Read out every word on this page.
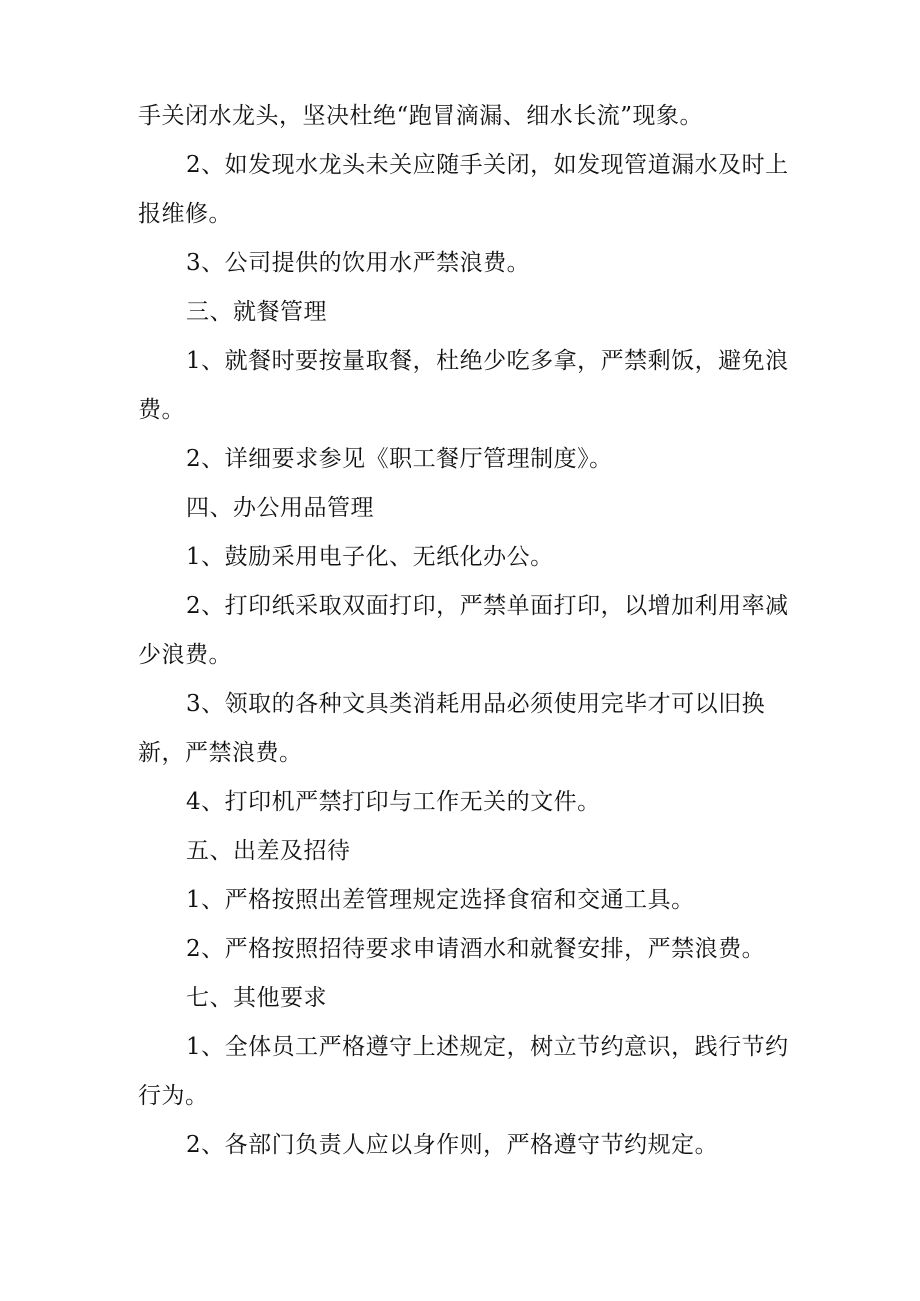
手关闭水龙头，坚决杜绝“跑冒滴漏、细水长流”现象。

2、如发现水龙头未关应随手关闭，如发现管道漏水及时上报维修。

3、公司提供的饮用水严禁浪费。

三、就餐管理

1、就餐时要按量取餐，杜绝少吃多拿，严禁剩饭，避免浪费。

2、详细要求参见《职工餐厅管理制度》。

四、办公用品管理

1、鼓励采用电子化、无纸化办公。

2、打印纸采取双面打印，严禁单面打印，以增加利用率减少浪费。

3、领取的各种文具类消耗用品必须使用完毕才可以旧换新，严禁浪费。

4、打印机严禁打印与工作无关的文件。

五、出差及招待

1、严格按照出差管理规定选择食宿和交通工具。

2、严格按照招待要求申请酒水和就餐安排，严禁浪费。

七、其他要求

1、全体员工严格遵守上述规定，树立节约意识，践行节约行为。

2、各部门负责人应以身作则，严格遵守节约规定。
